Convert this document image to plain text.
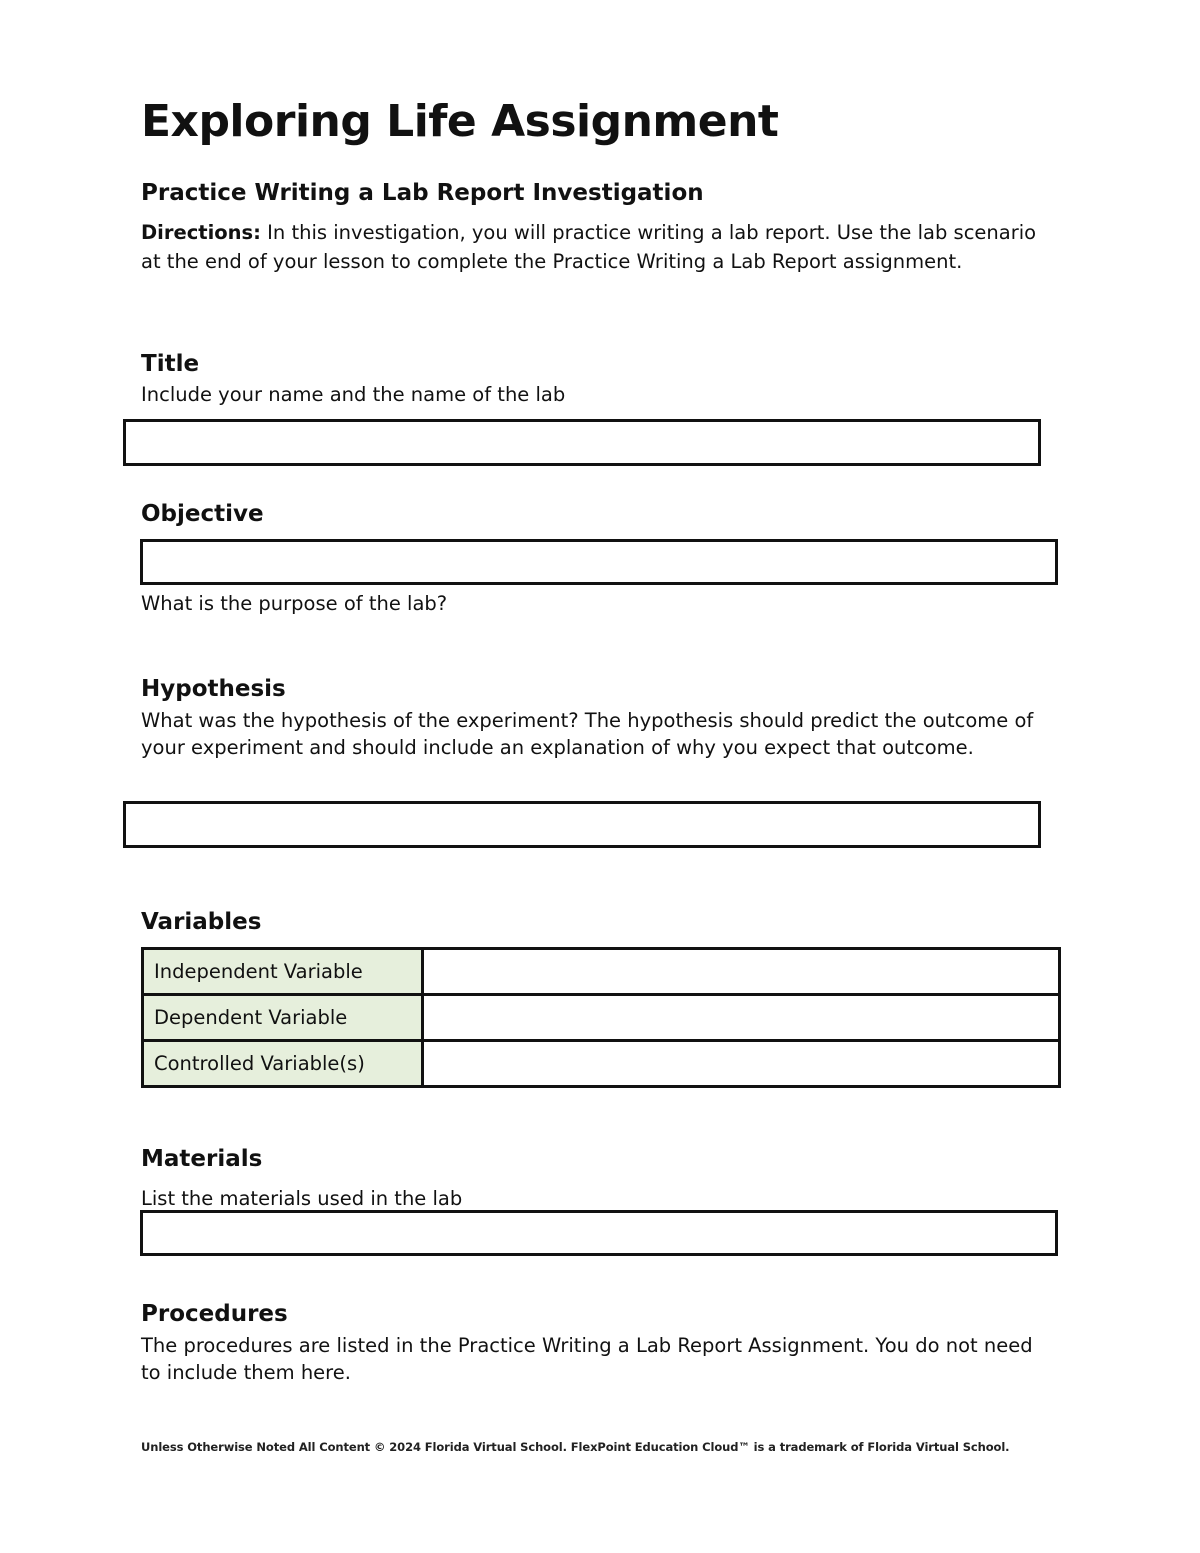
Exploring Life Assignment
Practice Writing a Lab Report Investigation
Directions: In this investigation, you will practice writing a lab report. Use the lab scenario at the end of your lesson to complete the Practice Writing a Lab Report assignment.
Title
Include your name and the name of the lab
Objective
What is the purpose of the lab?
Hypothesis
What was the hypothesis of the experiment? The hypothesis should predict the outcome of your experiment and should include an explanation of why you expect that outcome.
Variables
Independent Variable	
Dependent Variable	
Controlled Variable(s)	
Materials
List the materials used in the lab
Procedures
The procedures are listed in the Practice Writing a Lab Report Assignment. You do not need to include them here.
Unless Otherwise Noted All Content © 2024 Florida Virtual School. FlexPoint Education Cloud™ is a trademark of Florida Virtual School.
